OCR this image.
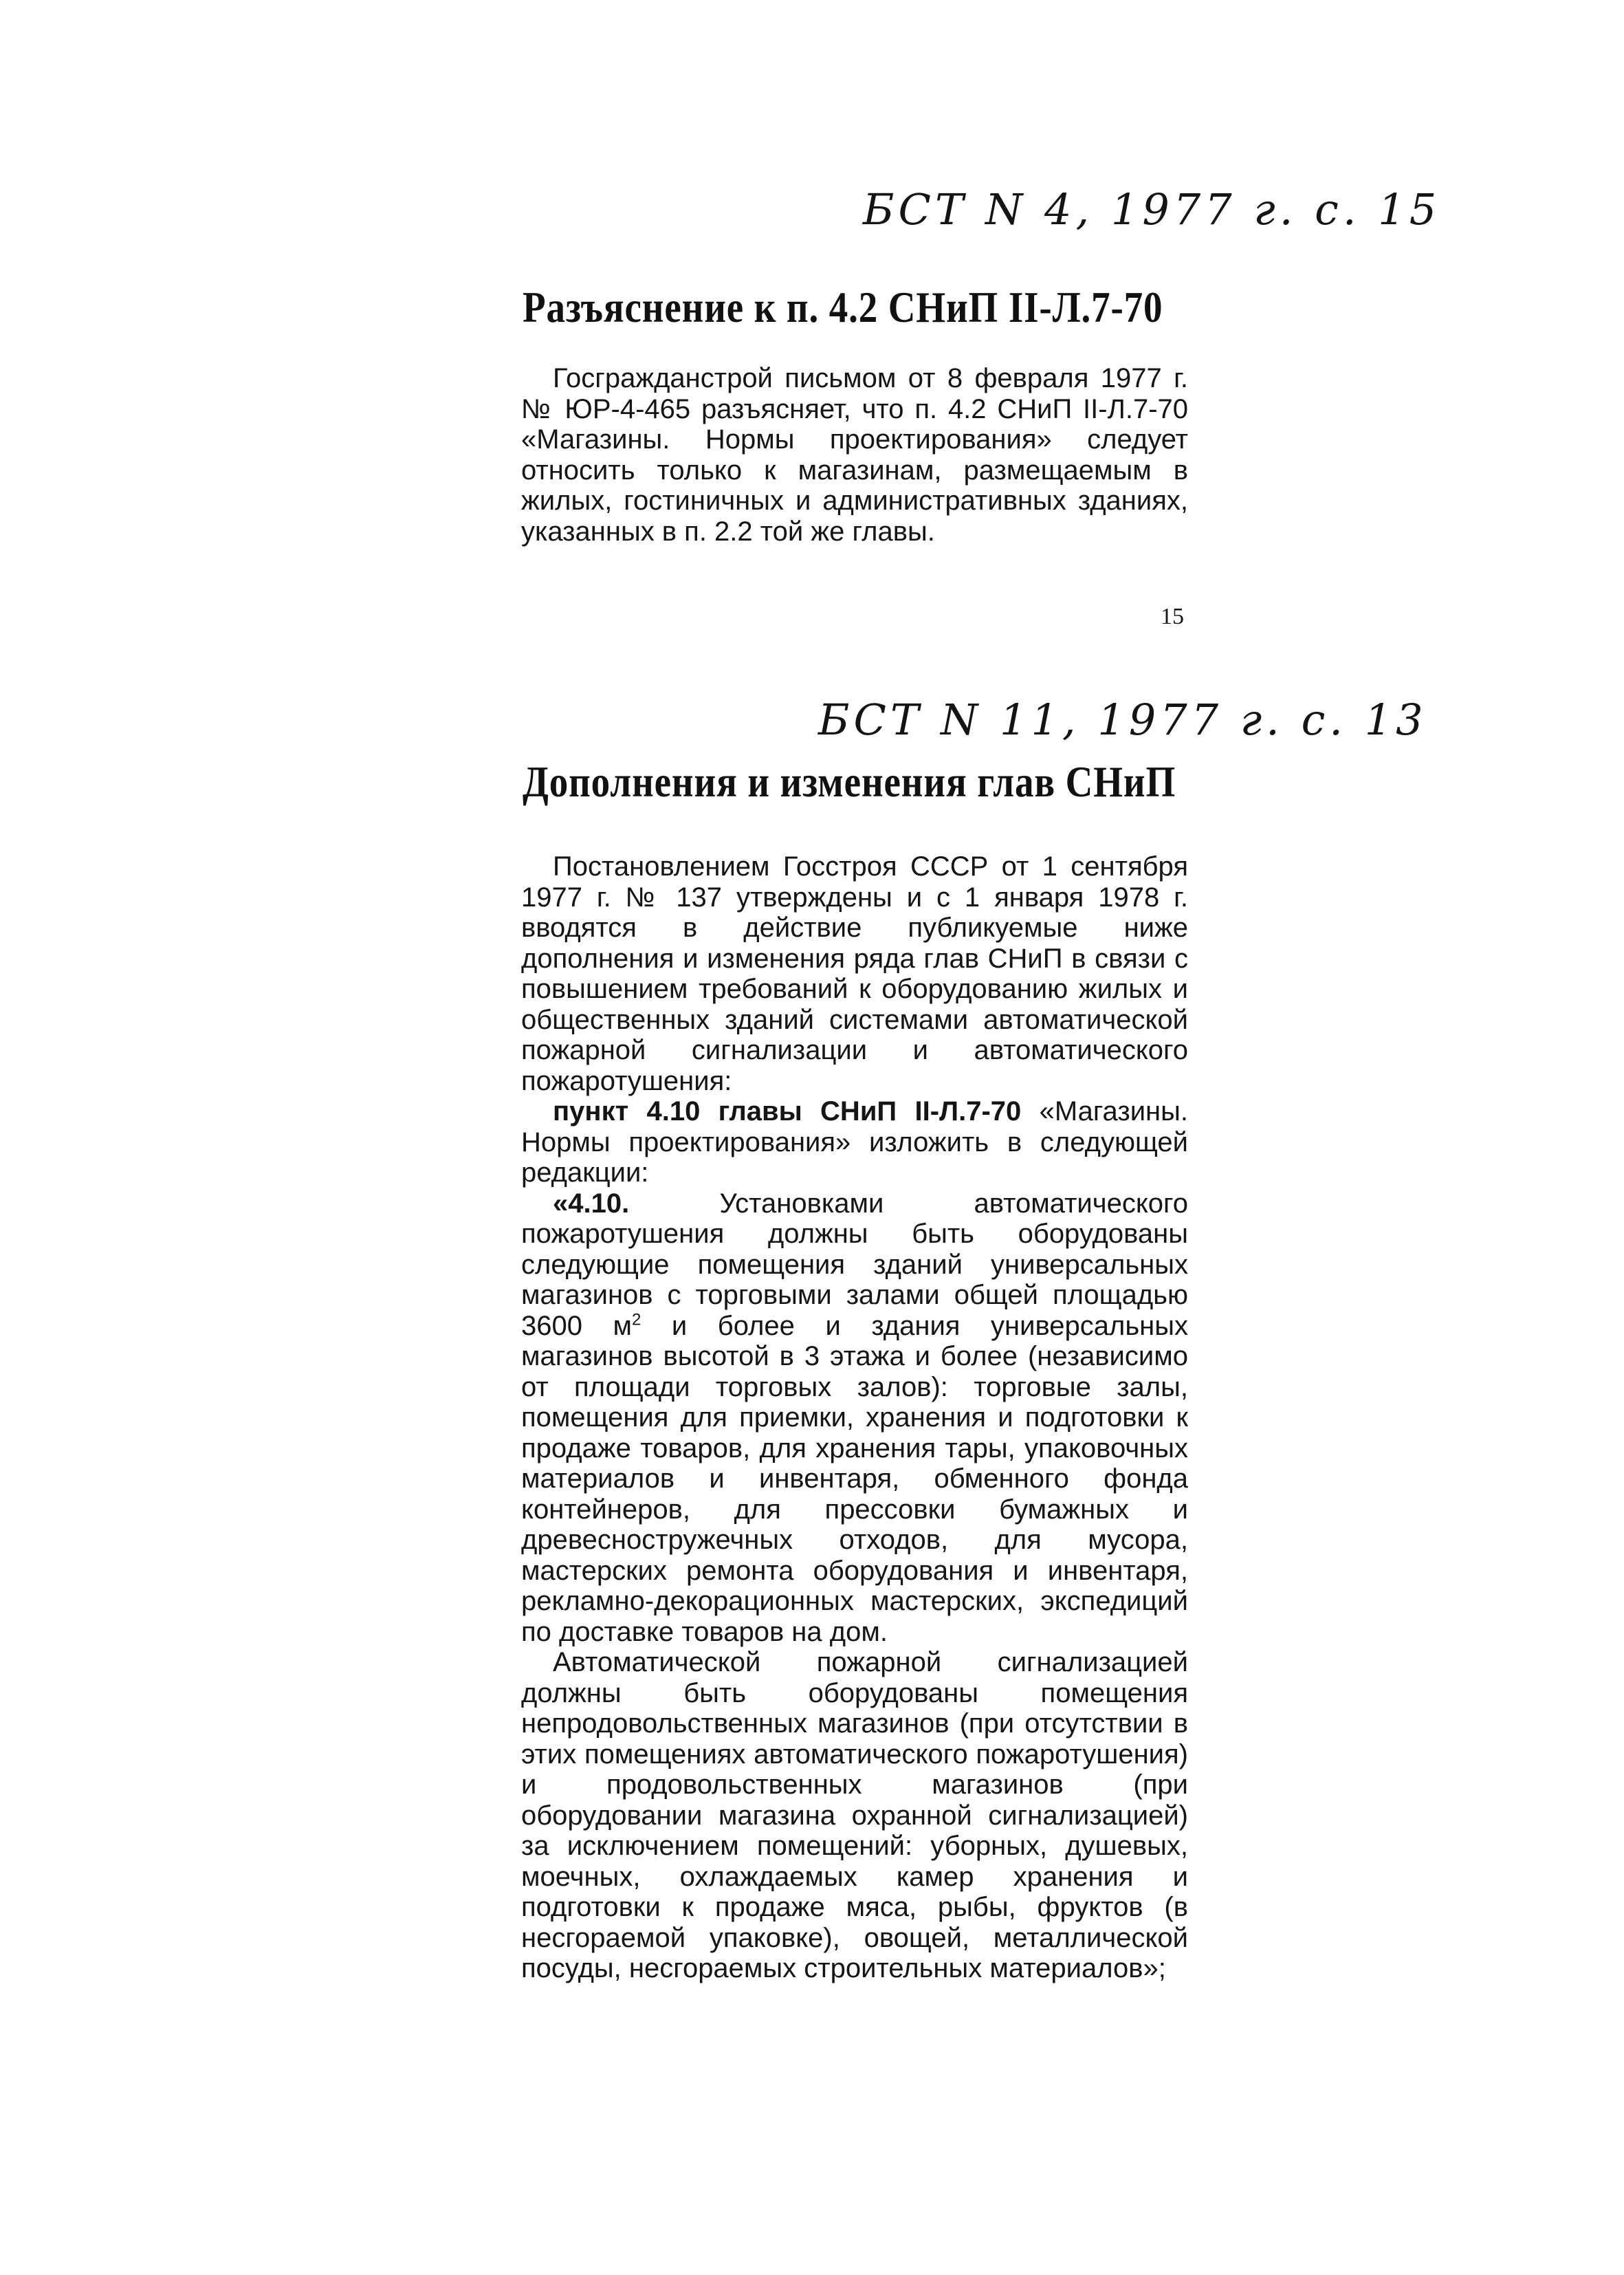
БСТ N 4, 1977 г. с. 15
Разъяснение к п. 4.2 СНиП II-Л.7-70

Госгражданстрой письмом от 8 февраля 1977 г. № ЮР-4-465 разъясняет, что п. 4.2 СНиП II-Л.7-70 «Магазины. Нормы проектирования» следует относить только к магазинам, размещаемым в жилых, гостиничных и административных зданиях, указанных в п. 2.2 той же главы.

15
БСТ N 11, 1977 г. с. 13
Дополнения и изменения глав СНиП

Постановлением Госстроя СССР от 1 сентября 1977 г. № 137 утверждены и с 1 января 1978 г. вводятся в действие публикуемые ниже дополнения и изменения ряда глав СНиП в связи с повышением требований к оборудованию жилых и общественных зданий системами автоматической пожарной сигнализации и автоматического пожаротушения:

пункт 4.10 главы СНиП II-Л.7-70 «Магазины. Нормы проектирования» изложить в следующей редакции:

«4.10. Установками автоматического пожаротушения должны быть оборудованы следующие помещения зданий универсальных магазинов с торговыми залами общей площадью 3600 $м^2$ и более и здания универсальных магазинов высотой в 3 этажа и более (независимо от площади торговых залов): торговые залы, помещения для приемки, хранения и подготовки к продаже товаров, для хранения тары, упаковочных материалов и инвентаря, обменного фонда контейнеров, для прессовки бумажных и древесностружечных отходов, для мусора, мастерских ремонта оборудования и инвентаря, рекламно-декорационных мастерских, экспедиций по доставке товаров на дом.

Автоматической пожарной сигнализацией должны быть оборудованы помещения непродовольственных магазинов (при отсутствии в этих помещениях автоматического пожаротушения) и продовольственных магазинов (при оборудовании магазина охранной сигнализацией) за исключением помещений: уборных, душевых, моечных, охлаждаемых камер хранения и подготовки к продаже мяса, рыбы, фруктов (в несгораемой упаковке), овощей, металлической посуды, несгораемых строительных материалов»;
